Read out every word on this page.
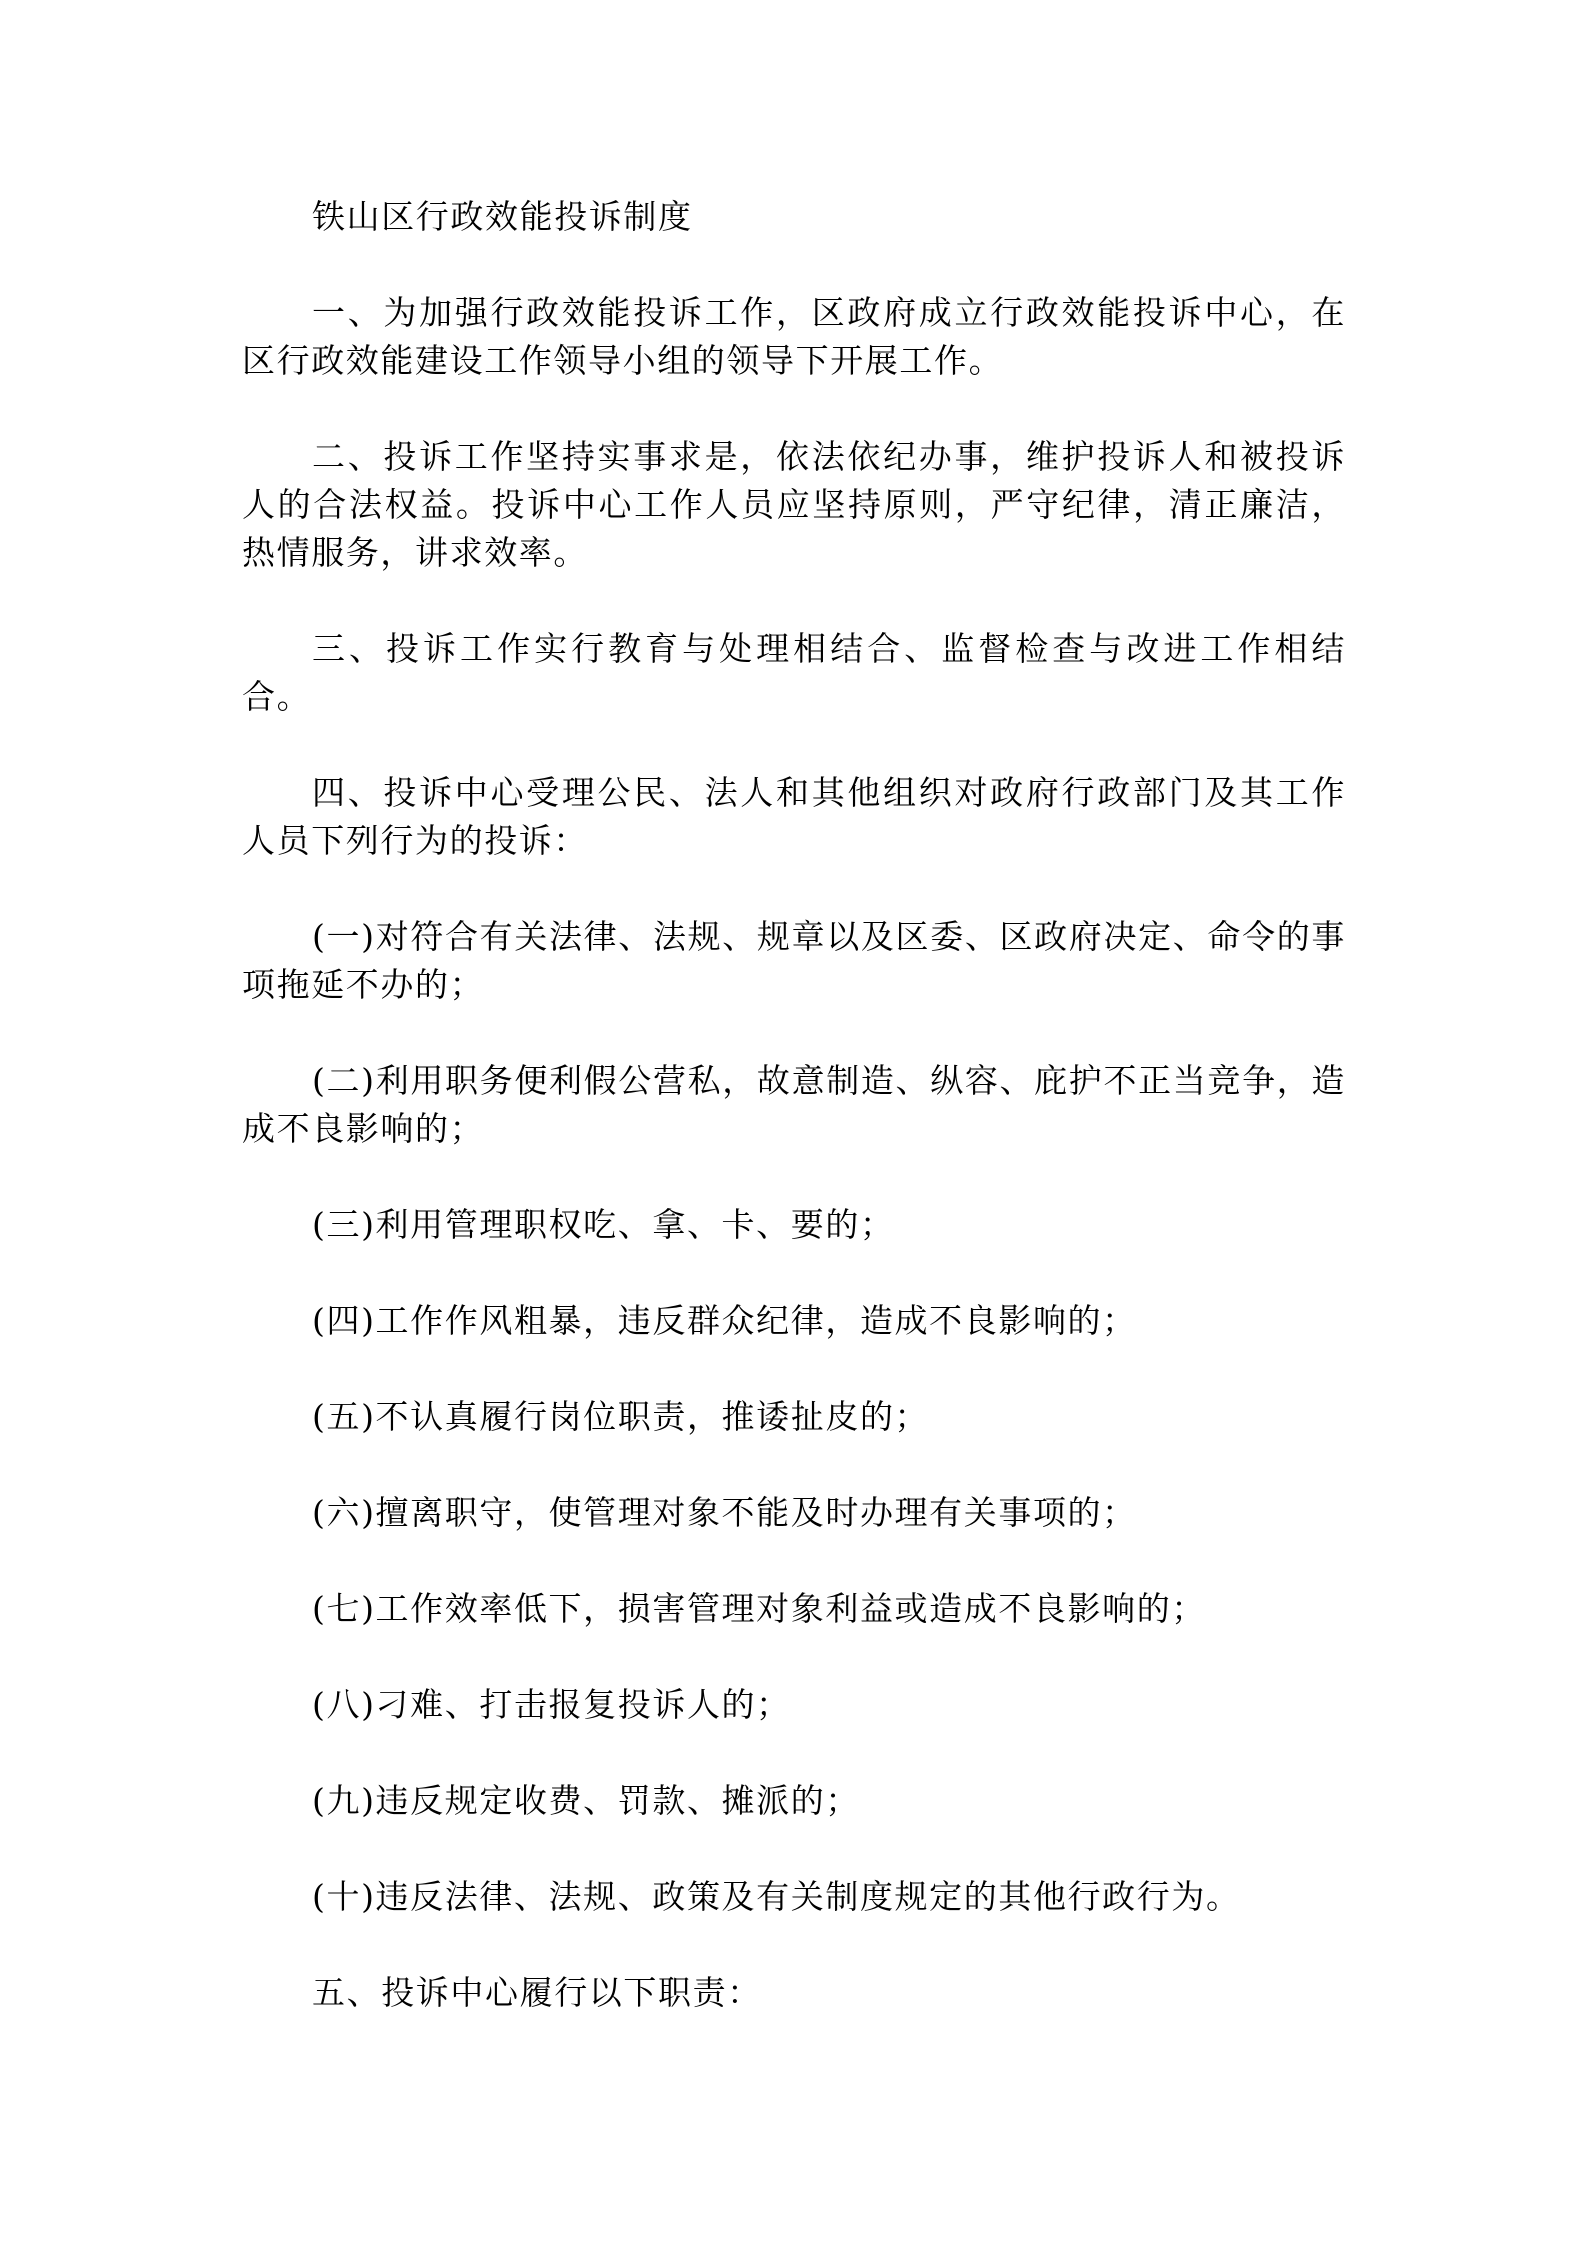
铁山区行政效能投诉制度

一、为加强行政效能投诉工作，区政府成立行政效能投诉中心，在区行政效能建设工作领导小组的领导下开展工作。

二、投诉工作坚持实事求是，依法依纪办事，维护投诉人和被投诉人的合法权益。投诉中心工作人员应坚持原则，严守纪律，清正廉洁，热情服务，讲求效率。

三、投诉工作实行教育与处理相结合、监督检查与改进工作相结合。

四、投诉中心受理公民、法人和其他组织对政府行政部门及其工作人员下列行为的投诉：

(一)对符合有关法律、法规、规章以及区委、区政府决定、命令的事项拖延不办的；

(二)利用职务便利假公营私，故意制造、纵容、庇护不正当竞争，造成不良影响的；

(三)利用管理职权吃、拿、卡、要的；

(四)工作作风粗暴，违反群众纪律，造成不良影响的；

(五)不认真履行岗位职责，推诿扯皮的；

(六)擅离职守，使管理对象不能及时办理有关事项的；

(七)工作效率低下，损害管理对象利益或造成不良影响的；

(八)刁难、打击报复投诉人的；

(九)违反规定收费、罚款、摊派的；

(十)违反法律、法规、政策及有关制度规定的其他行政行为。

五、投诉中心履行以下职责：
